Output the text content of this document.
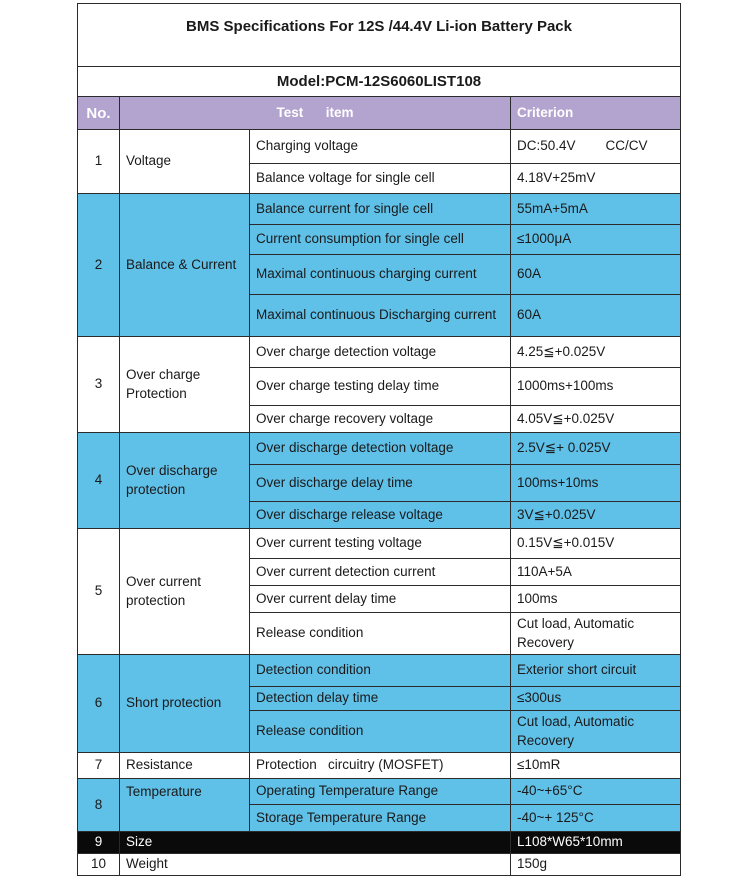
BMS Specifications For 12S /44.4V Li-ion Battery Pack			
Model:PCM-12S6060LIST108			
No.	Test      item		Criterion
1	Voltage	Charging voltage	DC:50.4V        CC/CV
		Balance voltage for single cell	4.18V+25mV
2	Balance & Current	Balance current for single cell	55mA+5mA
		Current consumption for single cell	≤1000μA
		Maximal continuous charging current	60A
		Maximal continuous Discharging current	60A
3	Over charge Protection	Over charge detection voltage	4.25≦+0.025V
		Over charge testing delay time	1000ms+100ms
		Over charge recovery voltage	4.05V≦+0.025V
4	Over discharge protection	Over discharge detection voltage	2.5V≦+ 0.025V
		Over discharge delay time	100ms+10ms
		Over discharge release voltage	3V≦+0.025V
5	Over current protection	Over current testing voltage	0.15V≦+0.015V
		Over current detection current	110A+5A
		Over current delay time	100ms
		Release condition	Cut load, Automatic Recovery
6	Short protection	Detection condition	Exterior short circuit
		Detection delay time	≤300us
		Release condition	Cut load, Automatic Recovery
7	Resistance	Protection   circuitry (MOSFET)	≤10mR
8	Temperature	Operating Temperature Range	-40~+65°C
		Storage Temperature Range	-40~+ 125°C
9	Size		L108*W65*10mm
10	Weight		150g
